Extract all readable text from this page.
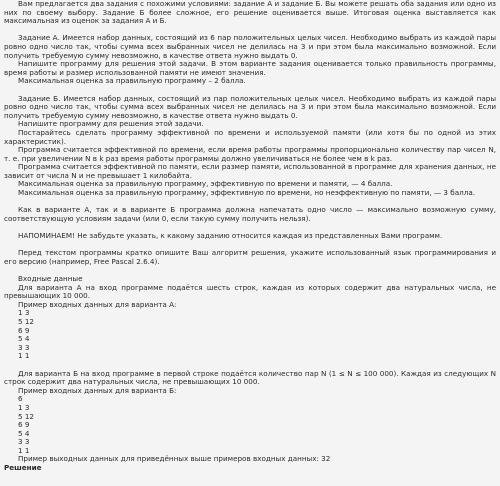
Вам предлагается два задания с похожими условиями: задание А и задание Б. Вы можете решать оба задания или одно из них по своему выбору. Задание Б более сложное, его решение оценивается выше. Итоговая оценка выставляется как максимальная из оценок за задания А и Б.

Задание А. Имеется набор данных, состоящий из 6 пар положительных целых чисел. Необходимо выбрать из каждой пары ровно одно число так, чтобы сумма всех выбранных чисел не делилась на 3 и при этом была максимально возможной. Если получить требуемую сумму невозможно, в качестве ответа нужно выдать 0.

Напишите программу для решения этой задачи. В этом варианте задания оценивается только правильность программы, время работы и размер использованной памяти не имеют значения.

Максимальная оценка за правильную программу – 2 балла.

Задание Б. Имеется набор данных, состоящий из пар положительных целых чисел. Необходимо выбрать из каждой пары ровно одно число так, чтобы сумма всех выбранных чисел не делилась на 3 и при этом была максимально возможной. Если получить требуемую сумму невозможно, в качестве ответа нужно выдать 0.

Напишите программу для решения этой задачи.

Постарайтесь сделать программу эффективной по времени и используемой памяти (или хотя бы по одной из этих характеристик).

Программа считается эффективной по времени, если время работы программы пропорционально количеству пар чисел N, т. е. при увеличении N в k раз время работы программы должно увеличиваться не более чем в k раз.

Программа считается эффективной по памяти, если размер памяти, использованной в программе для хранения данных, не зависит от числа N и не превышает 1 килобайта.

Максимальная оценка за правильную программу, эффективную по времени и памяти, — 4 балла.

Максимальная оценка за правильную программу, эффективную по времени, но неэффективную по памяти, — 3 балла.

Как в варианте А, так и в варианте Б программа должна напечатать одно число — максимально возможную сумму, соответствующую условиям задачи (или 0, если такую сумму получить нельзя).

НАПОМИНАЕМ! Не забудьте указать, к какому заданию относится каждая из представленных Вами программ.

Перед текстом программы кратко опишите Ваш алгоритм решения, укажите использованный язык программирования и его версию (например, Free Pascal 2.6.4).

Входные данные

Для варианта А на вход программе подаётся шесть строк, каждая из которых содержит два натуральных числа, не превышающих 10 000.

Пример входных данных для варианта А:

1 3
5 12
6 9
5 4
3 3
1 1

Для варианта Б на вход программе в первой строке подаётся количество пар N (1 ≤ N ≤ 100 000). Каждая из следующих N строк содержит два натуральных числа, не превышающих 10 000.

Пример входных данных для варианта Б:

6
1 3
5 12
6 9
5 4
3 3
1 1

Пример выходных данных для приведённых выше примеров входных данных: 32

Решение
